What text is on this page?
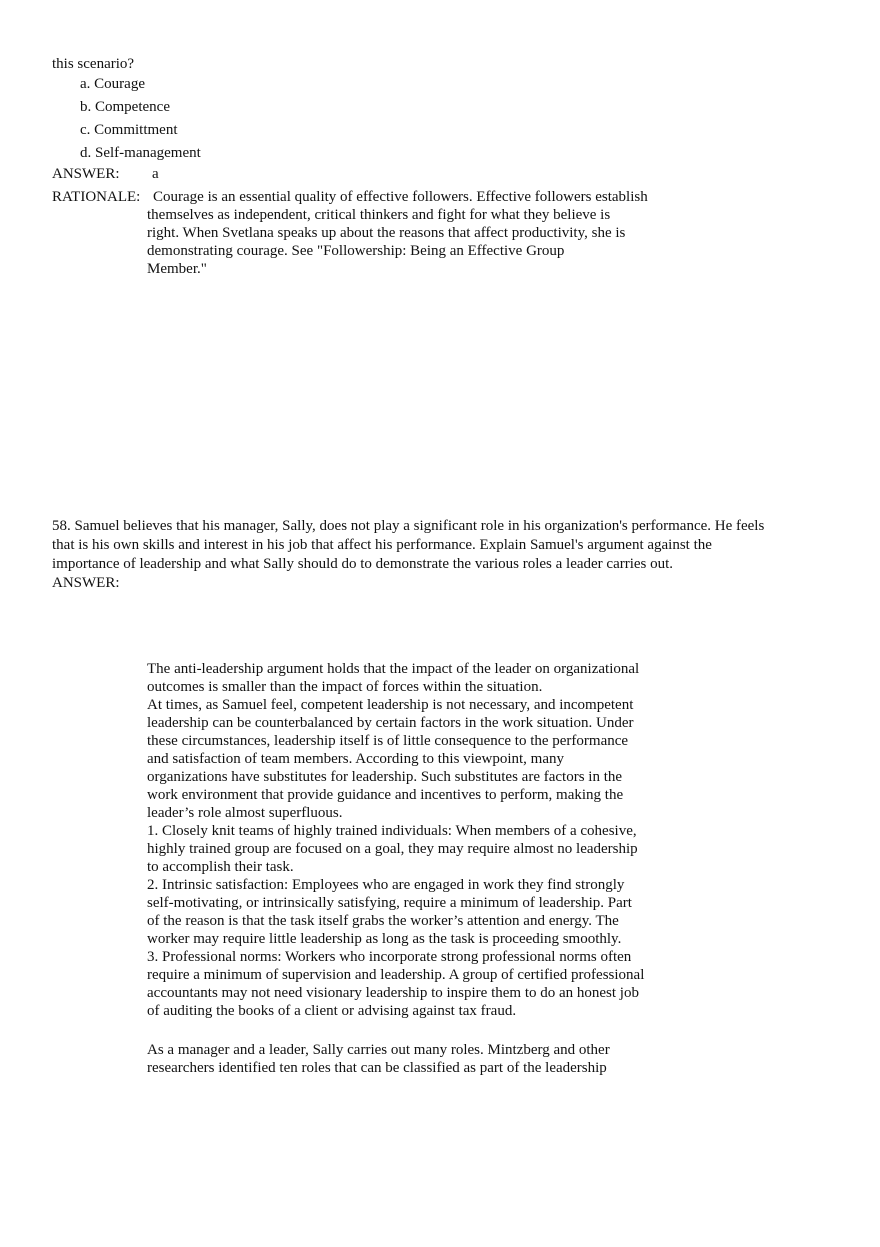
this scenario?
a. Courage
b. Competence
c. Committment
d. Self-management
ANSWER: a
RATIONALE: Courage is an essential quality of effective followers. Effective followers establish
themselves as independent, critical thinkers and fight for what they believe is
right. When Svetlana speaks up about the reasons that affect productivity, she is
demonstrating courage. See "Followership: Being an Effective Group
Member."
58. Samuel believes that his manager, Sally, does not play a significant role in his organization's performance. He feels
that is his own skills and interest in his job that affect his performance. Explain Samuel's argument against the
importance of leadership and what Sally should do to demonstrate the various roles a leader carries out.
ANSWER:
The anti-leadership argument holds that the impact of the leader on organizational
outcomes is smaller than the impact of forces within the situation.
At times, as Samuel feel, competent leadership is not necessary, and incompetent
leadership can be counterbalanced by certain factors in the work situation. Under
these circumstances, leadership itself is of little consequence to the performance
and satisfaction of team members. According to this viewpoint, many
organizations have substitutes for leadership. Such substitutes are factors in the
work environment that provide guidance and incentives to perform, making the
leader’s role almost superfluous.
1. Closely knit teams of highly trained individuals: When members of a cohesive,
highly trained group are focused on a goal, they may require almost no leadership
to accomplish their task.
2. Intrinsic satisfaction: Employees who are engaged in work they find strongly
self-motivating, or intrinsically satisfying, require a minimum of leadership. Part
of the reason is that the task itself grabs the worker’s attention and energy. The
worker may require little leadership as long as the task is proceeding smoothly.
3. Professional norms: Workers who incorporate strong professional norms often
require a minimum of supervision and leadership. A group of certified professional
accountants may not need visionary leadership to inspire them to do an honest job
of auditing the books of a client or advising against tax fraud.
As a manager and a leader, Sally carries out many roles. Mintzberg and other
researchers identified ten roles that can be classified as part of the leadership
